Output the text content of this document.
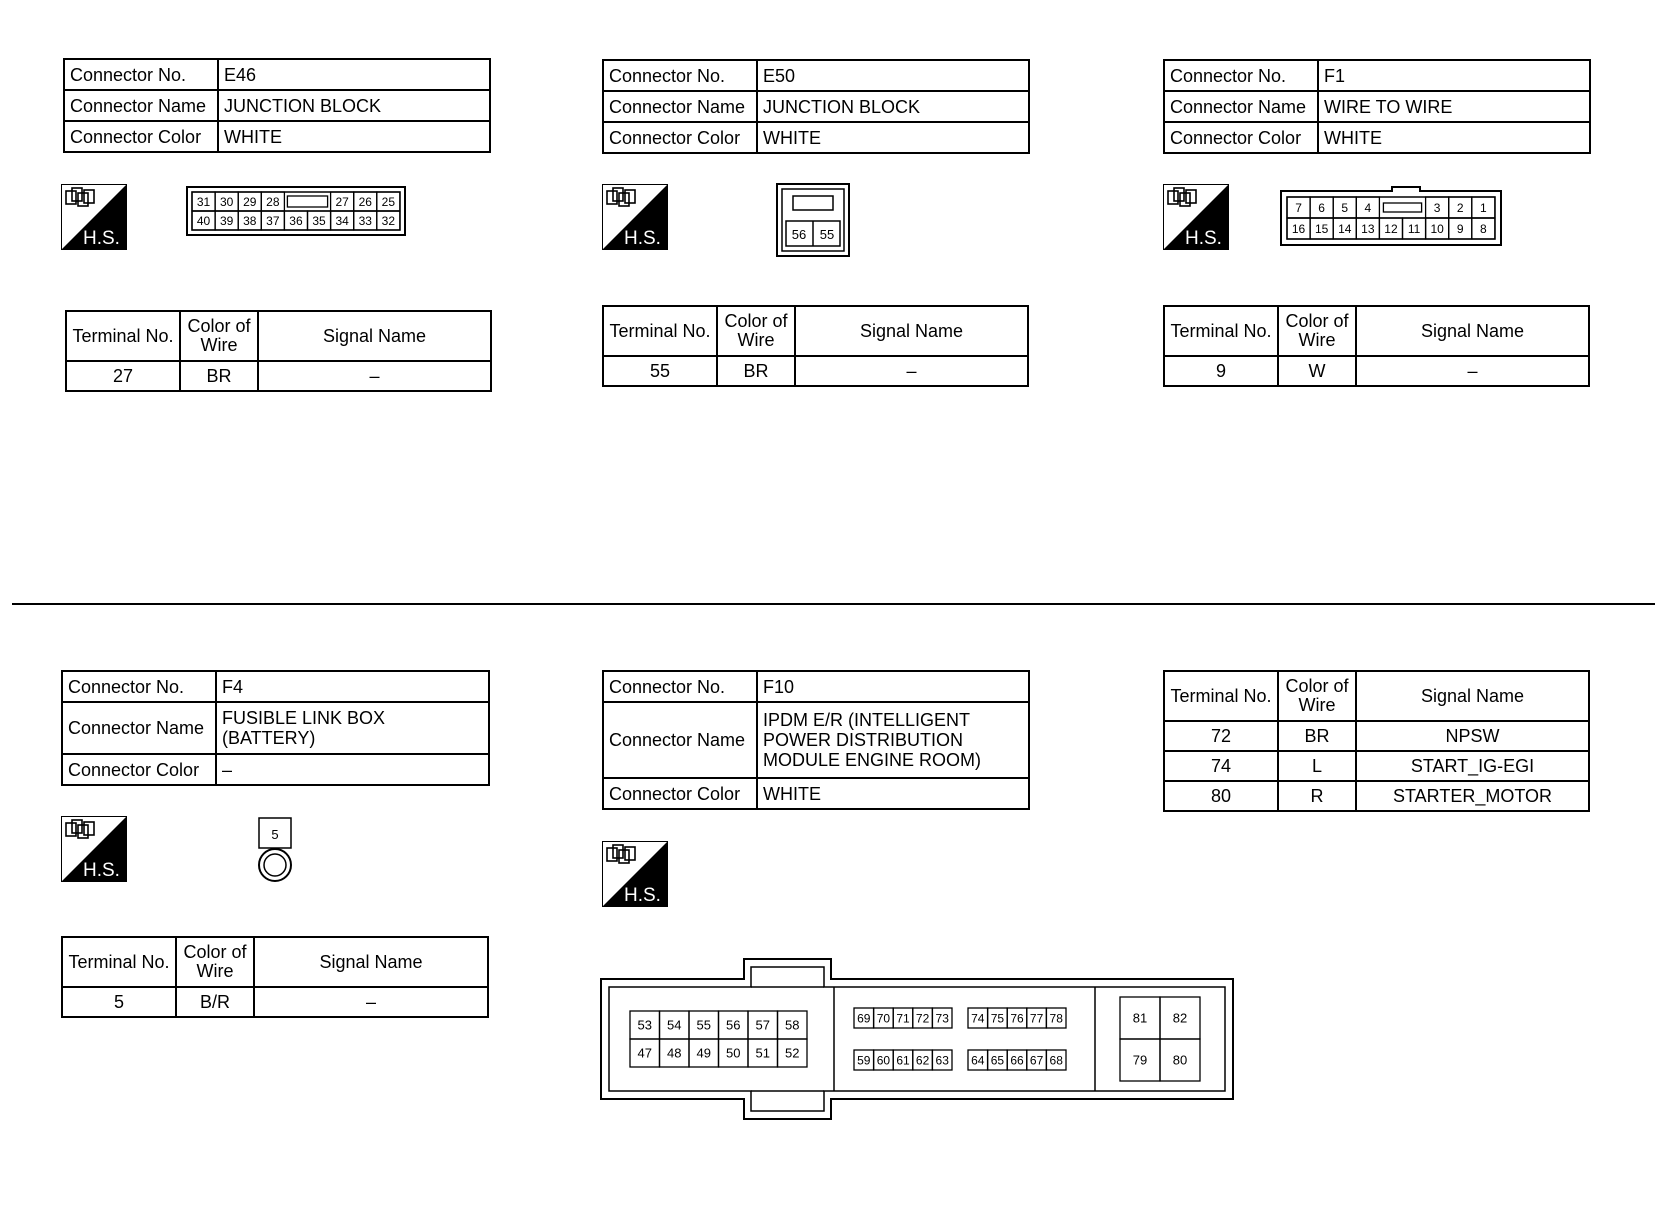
Connector No.	E46
Connector Name	JUNCTION BLOCK
Connector Color	WHITE
H.S.
31 30 29 28	27 26 25
40 39 38 37 36 35 34 33 32
Terminal No.	Color of Wire	Signal Name
27	BR	–
Connector No.	E50
Connector Name	JUNCTION BLOCK
Connector Color	WHITE
H.S.	56 55
Terminal No.	Color of Wire	Signal Name
55	BR	–
Connector No.	F1
Connector Name	WIRE TO WIRE
Connector Color	WHITE
H.S.
7 6 5 4	3 2 1
16 15 14 13 12 11 10 9 8
Terminal No.	Color of Wire	Signal Name
9	W	–
Connector No.	F4
Connector Name	FUSIBLE LINK BOX (BATTERY)
Connector Color	–
H.S.
5
Terminal No.	Color of Wire	Signal Name
5	B/R	–
Connector No.	F10
Connector Name	IPDM E/R (INTELLIGENT POWER DISTRIBUTION MODULE ENGINE ROOM)
Connector Color	WHITE
H.S.
53 54 55 56 57 58
47 48 49 50 51 52
69 70 71 72 73 74 75 76 77 78
59 60 61 62 63 64 65 66 67 68
81 82
79 80
Terminal No.	Color of Wire	Signal Name
72	BR	NPSW
74	L	START_IG-EGI
80	R	STARTER_MOTOR
